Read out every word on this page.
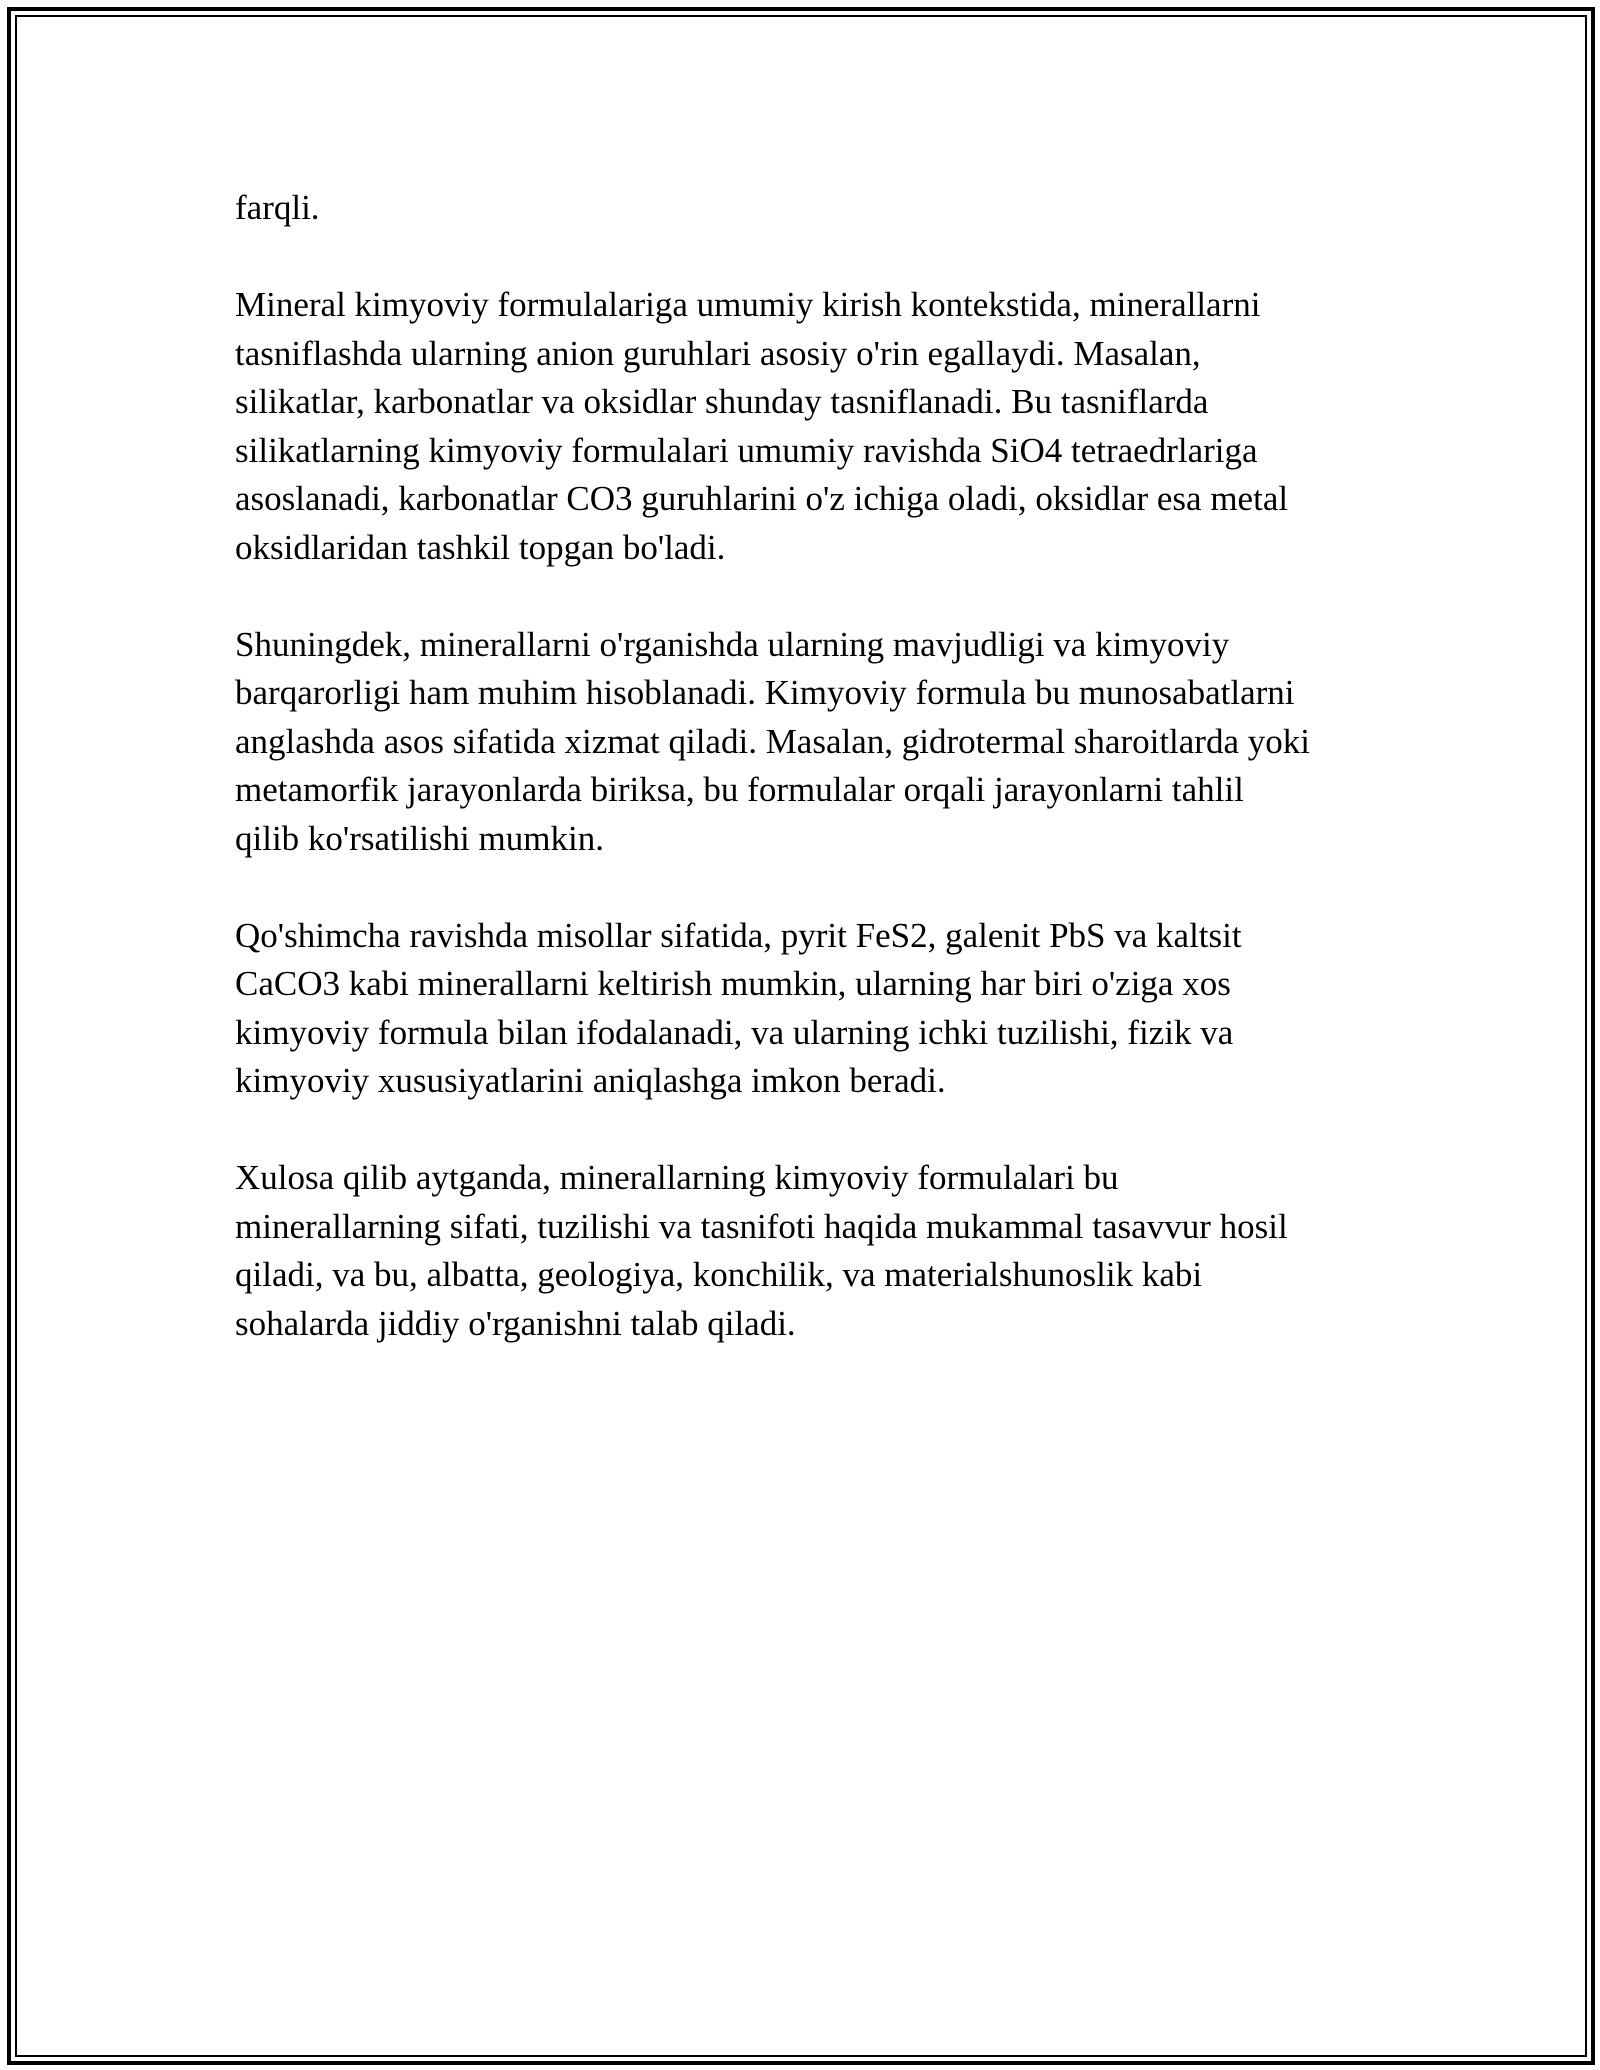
farqli.

Mineral kimyoviy formulalariga umumiy kirish kontekstida, minerallarni
tasniflashda ularning anion guruhlari asosiy o'rin egallaydi. Masalan,
silikatlar, karbonatlar va oksidlar shunday tasniflanadi. Bu tasniflarda
silikatlarning kimyoviy formulalari umumiy ravishda SiO4 tetraedrlariga
asoslanadi, karbonatlar CO3 guruhlarini o'z ichiga oladi, oksidlar esa metal
oksidlaridan tashkil topgan bo'ladi.

Shuningdek, minerallarni o'rganishda ularning mavjudligi va kimyoviy
barqarorligi ham muhim hisoblanadi. Kimyoviy formula bu munosabatlarni
anglashda asos sifatida xizmat qiladi. Masalan, gidrotermal sharoitlarda yoki
metamorfik jarayonlarda biriksa, bu formulalar orqali jarayonlarni tahlil
qilib ko'rsatilishi mumkin.

Qo'shimcha ravishda misollar sifatida, pyrit FeS2, galenit PbS va kaltsit
CaCO3 kabi minerallarni keltirish mumkin, ularning har biri o'ziga xos
kimyoviy formula bilan ifodalanadi, va ularning ichki tuzilishi, fizik va
kimyoviy xususiyatlarini aniqlashga imkon beradi.

Xulosa qilib aytganda, minerallarning kimyoviy formulalari bu
minerallarning sifati, tuzilishi va tasnifoti haqida mukammal tasavvur hosil
qiladi, va bu, albatta, geologiya, konchilik, va materialshunoslik kabi
sohalarda jiddiy o'rganishni talab qiladi.
